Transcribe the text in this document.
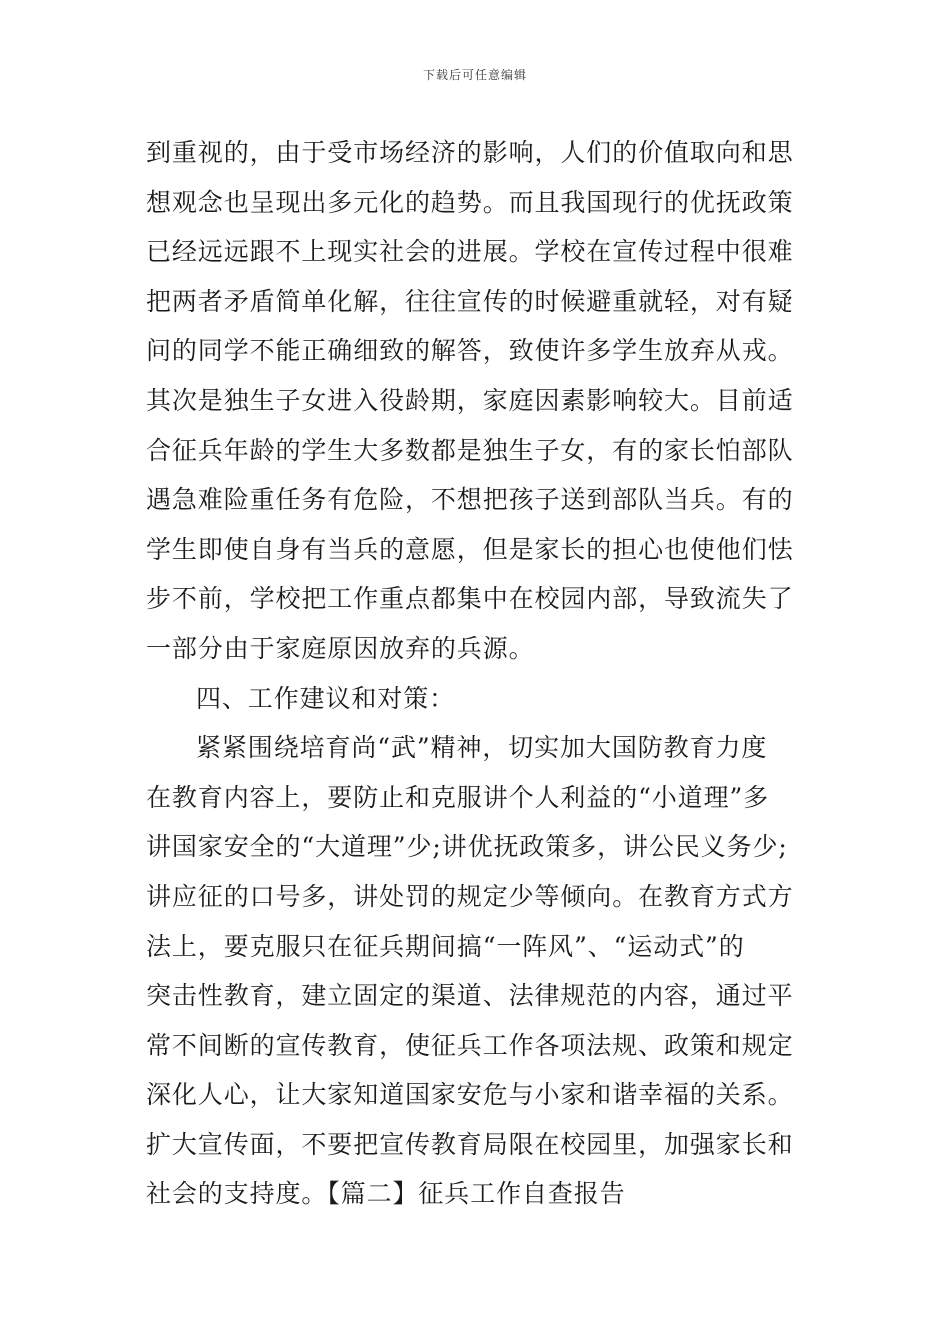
下载后可任意编辑
到重视的，由于受市场经济的影响，人们的价值取向和思
想观念也呈现出多元化的趋势。而且我国现行的优抚政策
已经远远跟不上现实社会的进展。学校在宣传过程中很难
把两者矛盾简单化解，往往宣传的时候避重就轻，对有疑
问的同学不能正确细致的解答，致使许多学生放弃从戎。
其次是独生子女进入役龄期，家庭因素影响较大。目前适
合征兵年龄的学生大多数都是独生子女，有的家长怕部队
遇急难险重任务有危险，不想把孩子送到部队当兵。有的
学生即使自身有当兵的意愿，但是家长的担心也使他们怯
步不前，学校把工作重点都集中在校园内部，导致流失了
一部分由于家庭原因放弃的兵源。
四、工作建议和对策：
紧紧围绕培育尚“武”精神，切实加大国防教育力度
在教育内容上，要防止和克服讲个人利益的“小道理”多
讲国家安全的“大道理”少;讲优抚政策多，讲公民义务少;
讲应征的口号多，讲处罚的规定少等倾向。在教育方式方
法上，要克服只在征兵期间搞“一阵风”、“运动式”的
突击性教育，建立固定的渠道、法律规范的内容，通过平
常不间断的宣传教育，使征兵工作各项法规、政策和规定
深化人心，让大家知道国家安危与小家和谐幸福的关系。
扩大宣传面，不要把宣传教育局限在校园里，加强家长和
社会的支持度。【篇二】征兵工作自查报告
